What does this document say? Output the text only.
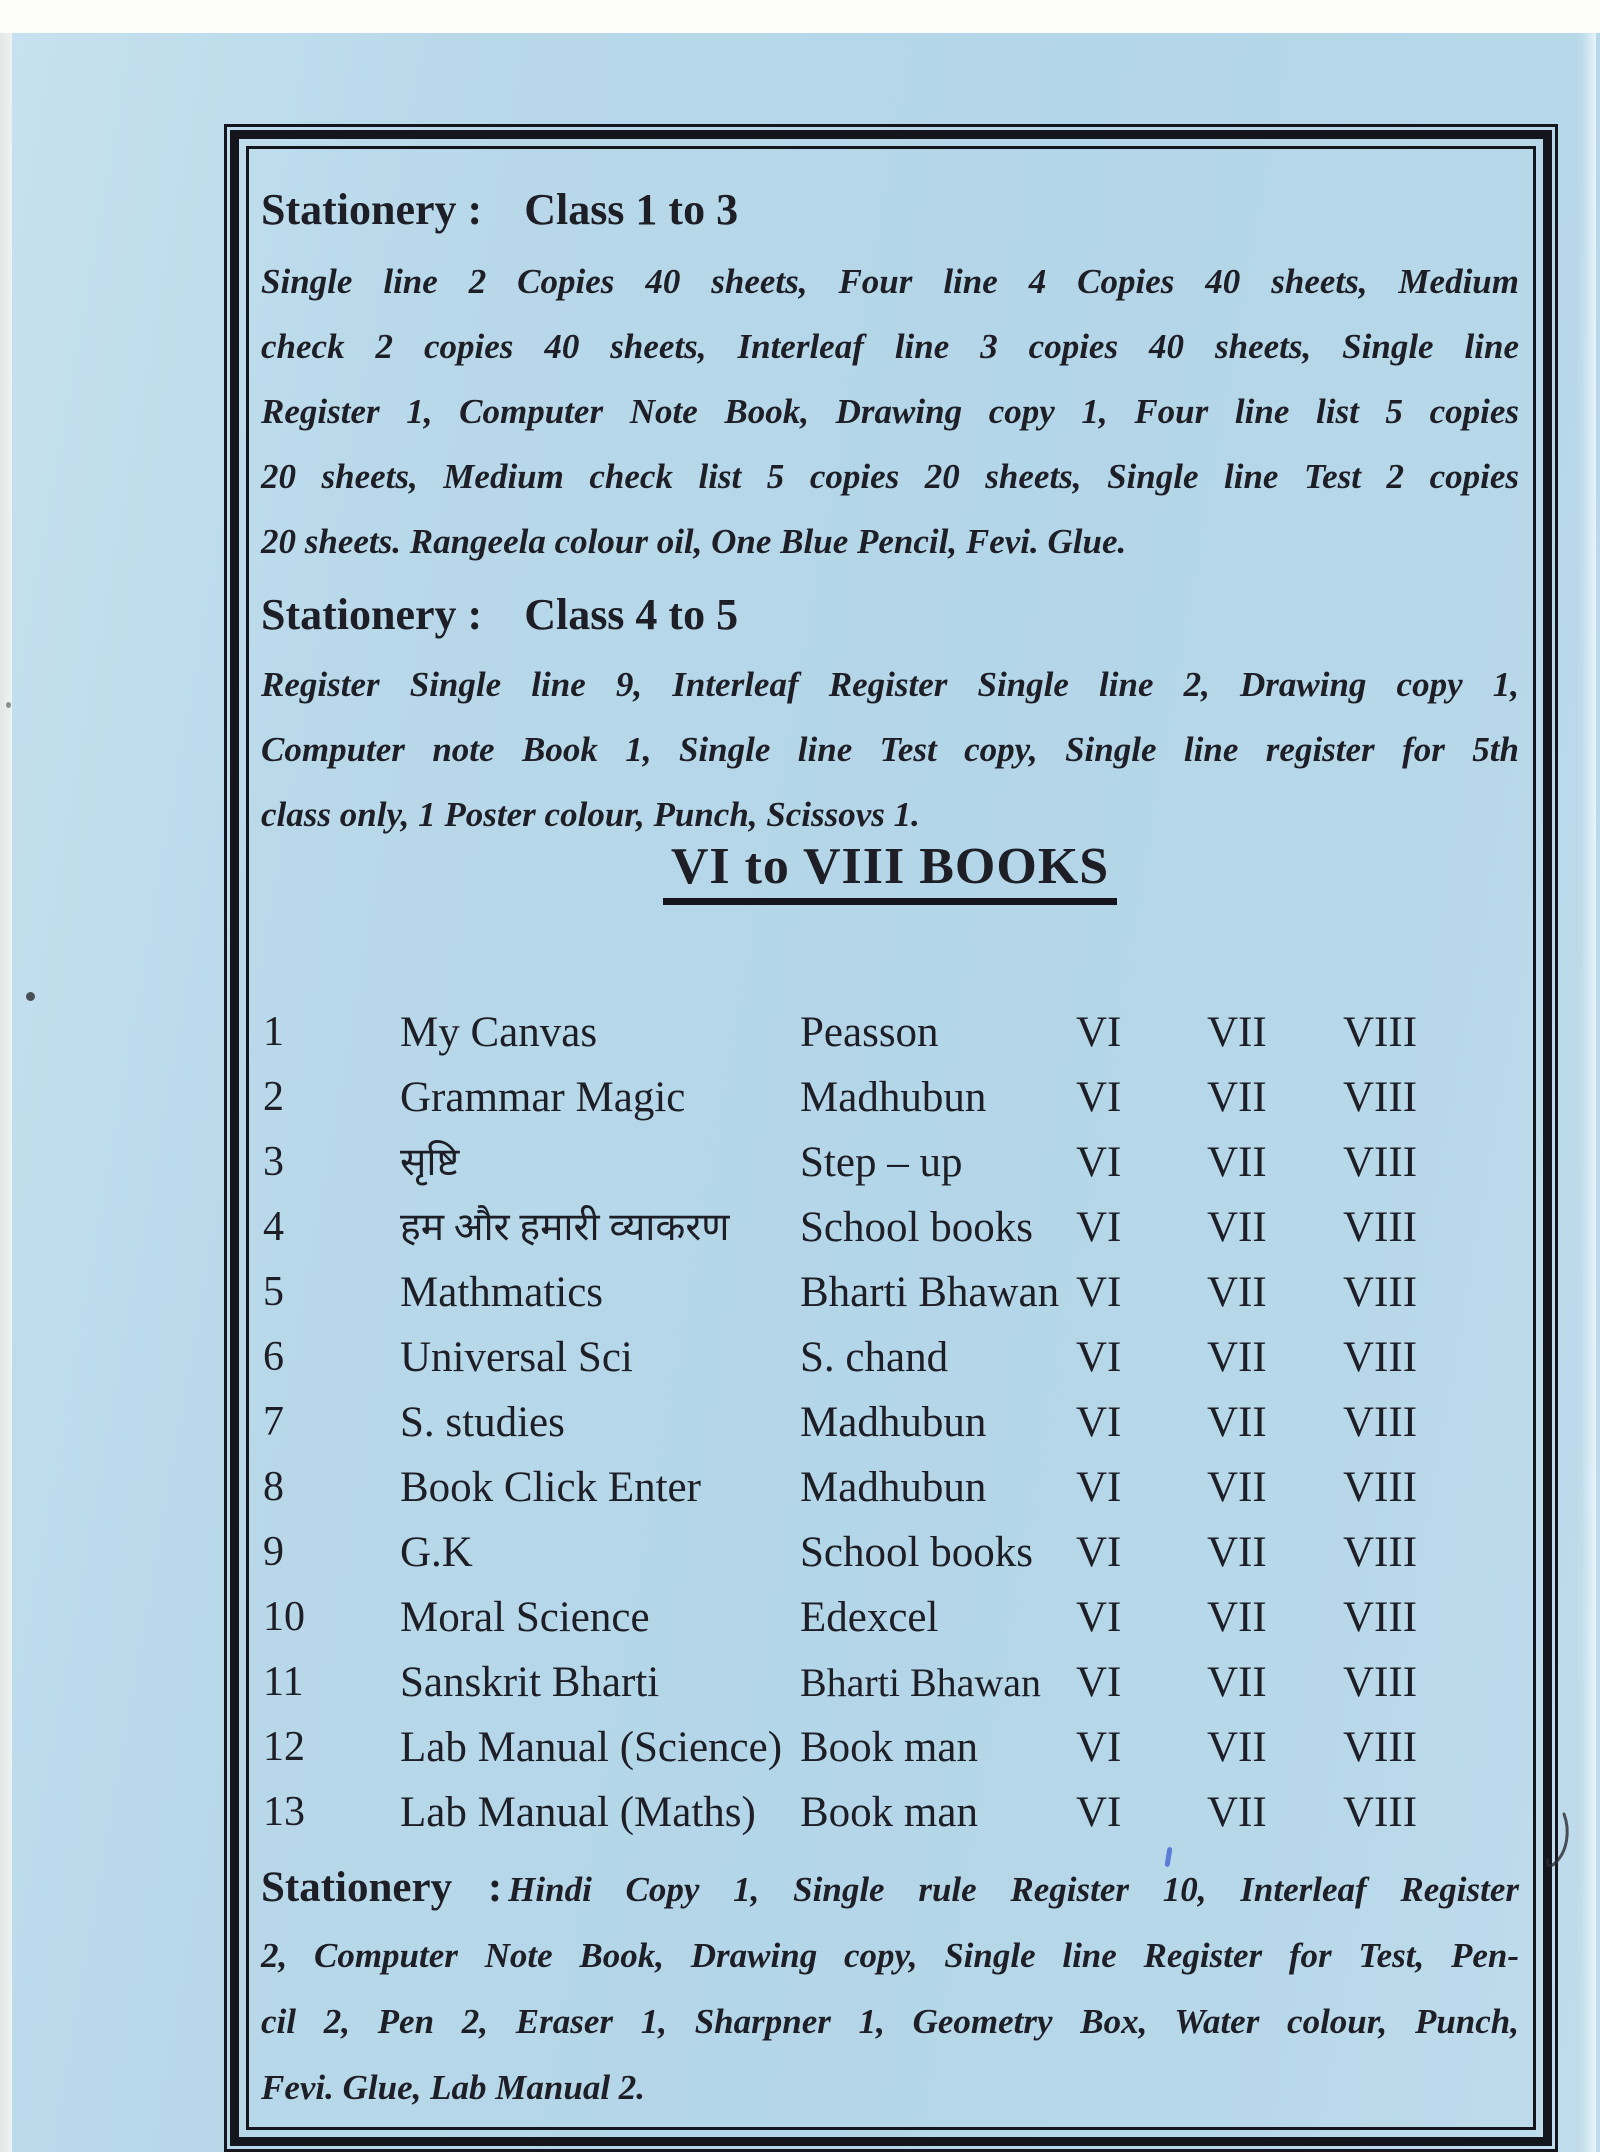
Stationery : Class 1 to 3
Single line 2 Copies 40 sheets, Four line 4 Copies 40 sheets, Medium
check 2 copies 40 sheets, Interleaf line 3 copies 40 sheets, Single line
Register 1, Computer Note Book, Drawing copy 1, Four line list 5 copies
20 sheets, Medium check list 5 copies 20 sheets, Single line Test 2 copies
20 sheets. Rangeela colour oil, One Blue Pencil, Fevi. Glue.
Stationery : Class 4 to 5
Register Single line 9, Interleaf Register Single line 2, Drawing copy 1,
Computer note Book 1, Single line Test copy, Single line register for 5th
class only, 1 Poster colour, Punch, Scissovs 1.
VI to VIII BOOKS
1	My Canvas	Peasson	VI	VII	VIII
2	Grammar Magic	Madhubun	VI	VII	VIII
3	सृष्टि	Step – up	VI	VII	VIII
4	हम और हमारी व्याकरण	School books	VI	VII	VIII
5	Mathmatics	Bharti Bhawan VI	VII	VIII
6	Universal Sci	S. chand	VI	VII	VIII
7	S. studies	Madhubun	VI	VII	VIII
8	Book Click Enter	Madhubun	VI	VII	VIII
9	G.K	School books	VI	VII	VIII
10	Moral Science	Edexcel	VI	VII	VIII
11	Sanskrit Bharti	Bharti Bhawan VI	VII	VIII
12	Lab Manual (Science) Book man	VI	VII	VIII
13	Lab Manual (Maths)	Book man	VI	VII	VIII
Stationery : Hindi Copy 1, Single rule Register 10, Interleaf Register
2, Computer Note Book, Drawing copy, Single line Register for Test, Pen-
cil 2, Pen 2, Eraser 1, Sharpner 1, Geometry Box, Water colour, Punch,
Fevi. Glue, Lab Manual 2.
